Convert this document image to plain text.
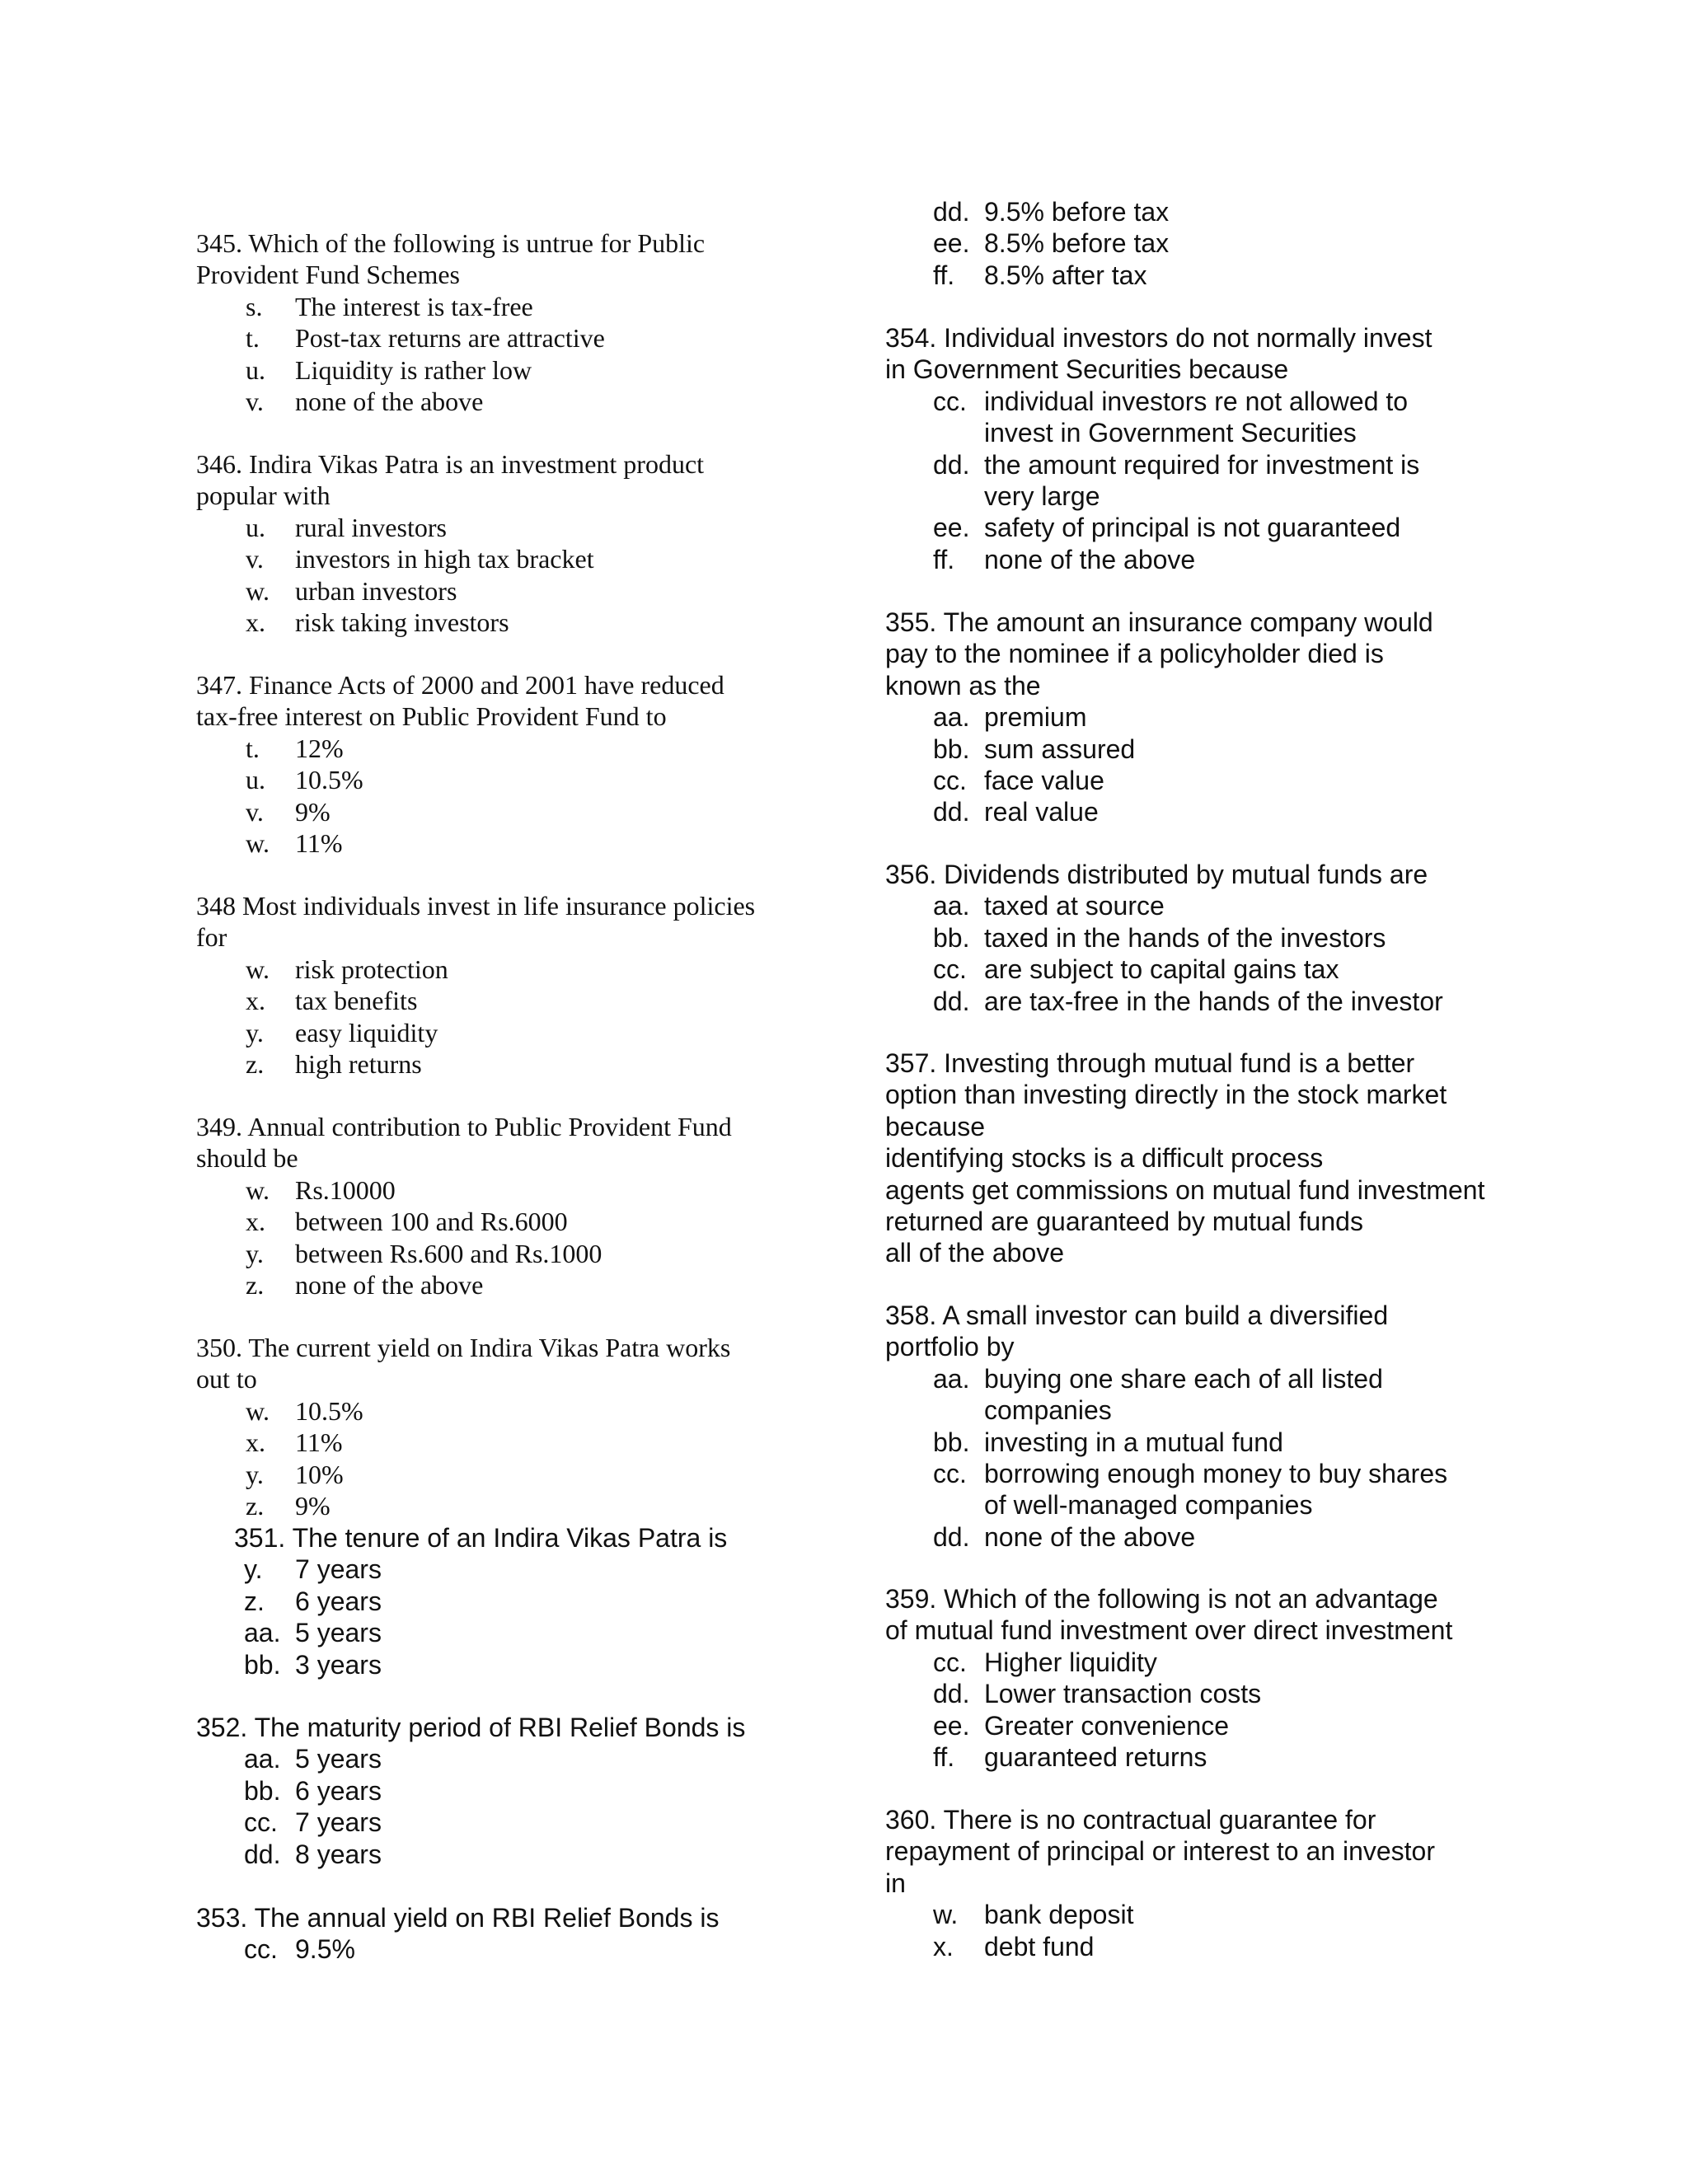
345. Which of the following is untrue for Public
Provident Fund Schemes

s. The interest is tax-free
t. Post-tax returns are attractive
u. Liquidity is rather low
v. none of the above

346. Indira Vikas Patra is an investment product
popular with

u. rural investors
v. investors in high tax bracket
w. urban investors
x. risk taking investors

347. Finance Acts of 2000 and 2001 have reduced
tax-free interest on Public Provident Fund to

t. 12%
u. 10.5%
v. 9%
w. 11%

348 Most individuals invest in life insurance policies
for

w. risk protection
x. tax benefits
y. easy liquidity
z. high returns

349. Annual contribution to Public Provident Fund
should be

w. Rs.10000
x. between 100 and Rs.6000
y. between Rs.600 and Rs.1000
z. none of the above

350. The current yield on Indira Vikas Patra works
out to

w. 10.5%
x. 11%
y. 10%
z. 9%

351. The tenure of an Indira Vikas Patra is

y. 7 years
z. 6 years
aa. 5 years
bb. 3 years

352. The maturity period of RBI Relief Bonds is

aa. 5 years
bb. 6 years
cc. 7 years
dd. 8 years

353. The annual yield on RBI Relief Bonds is

cc. 9.5%
dd. 9.5% before tax
ee. 8.5% before tax
ff. 8.5% after tax

354. Individual investors do not normally invest
in Government Securities because

cc. individual investors re not allowed to
invest in Government Securities
dd. the amount required for investment is
very large
ee. safety of principal is not guaranteed
ff. none of the above

355. The amount an insurance company would
pay to the nominee if a policyholder died is
known as the

aa. premium
bb. sum assured
cc. face value
dd. real value

356. Dividends distributed by mutual funds are

aa. taxed at source
bb. taxed in the hands of the investors
cc. are subject to capital gains tax
dd. are tax-free in the hands of the investor

357. Investing through mutual fund is a better
option than investing directly in the stock market
because
identifying stocks is a difficult process
agents get commissions on mutual fund investment
returned are guaranteed by mutual funds
all of the above

358. A small investor can build a diversified
portfolio by

aa. buying one share each of all listed
companies
bb. investing in a mutual fund
cc. borrowing enough money to buy shares
of well-managed companies
dd. none of the above

359. Which of the following is not an advantage
of mutual fund investment over direct investment

cc. Higher liquidity
dd. Lower transaction costs
ee. Greater convenience
ff. guaranteed returns

360. There is no contractual guarantee for
repayment of principal or interest to an investor
in

w. bank deposit
x. debt fund
